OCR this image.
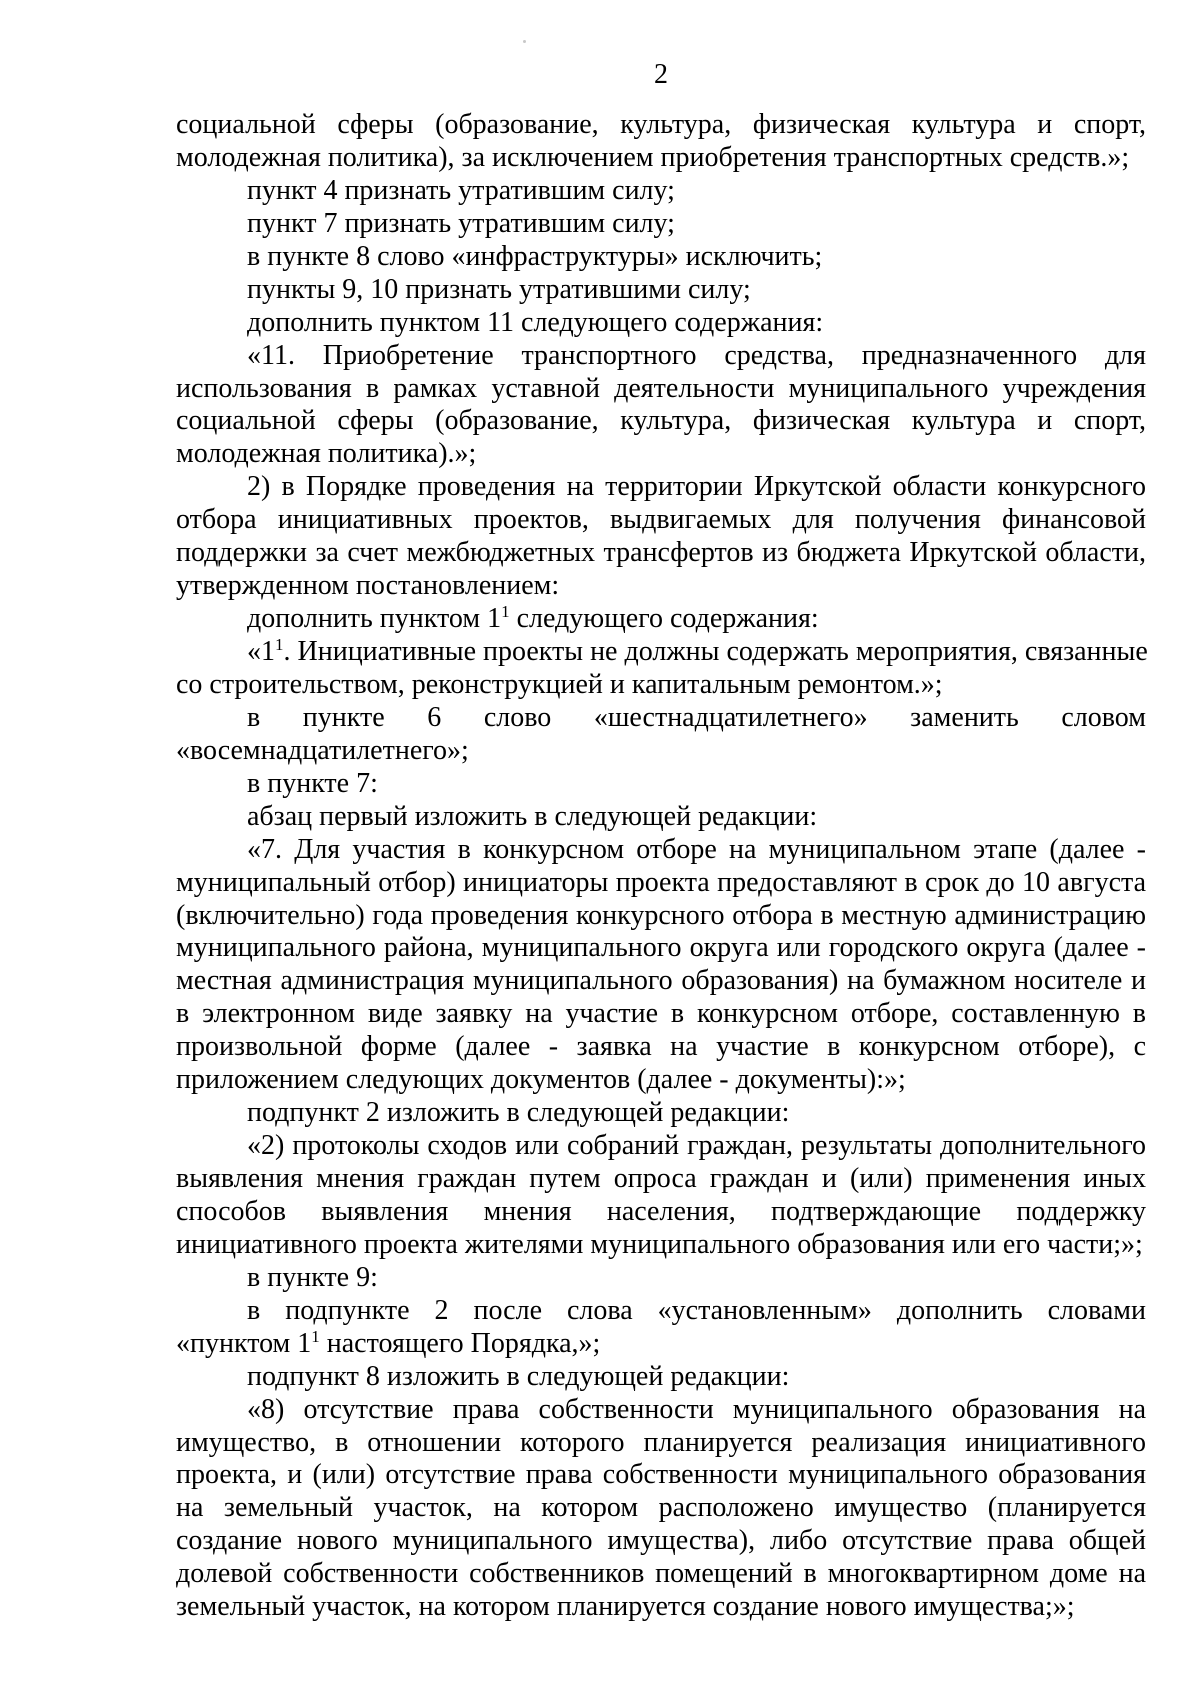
2
социальной сферы (образование, культура, физическая культура и спорт,
молодежная политика), за исключением приобретения транспортных средств.»;
пункт 4 признать утратившим силу;
пункт 7 признать утратившим силу;
в пункте 8 слово «инфраструктуры» исключить;
пункты 9, 10 признать утратившими силу;
дополнить пунктом 11 следующего содержания:
«11. Приобретение транспортного средства, предназначенного для
использования в рамках уставной деятельности муниципального учреждения
социальной сферы (образование, культура, физическая культура и спорт,
молодежная политика).»;
2) в Порядке проведения на территории Иркутской области конкурсного
отбора инициативных проектов, выдвигаемых для получения финансовой
поддержки за счет межбюджетных трансфертов из бюджета Иркутской области,
утвержденном постановлением:
дополнить пунктом $1^1$ следующего содержания:
«$1^1$. Инициативные проекты не должны содержать мероприятия, связанные
со строительством, реконструкцией и капитальным ремонтом.»;
в пункте 6 слово «шестнадцатилетнего» заменить словом
«восемнадцатилетнего»;
в пункте 7:
абзац первый изложить в следующей редакции:
«7. Для участия в конкурсном отборе на муниципальном этапе (далее -
муниципальный отбор) инициаторы проекта предоставляют в срок до 10 августа
(включительно) года проведения конкурсного отбора в местную администрацию
муниципального района, муниципального округа или городского округа (далее -
местная администрация муниципального образования) на бумажном носителе и
в электронном виде заявку на участие в конкурсном отборе, составленную в
произвольной форме (далее - заявка на участие в конкурсном отборе), с
приложением следующих документов (далее - документы):»;
подпункт 2 изложить в следующей редакции:
«2) протоколы сходов или собраний граждан, результаты дополнительного
выявления мнения граждан путем опроса граждан и (или) применения иных
способов выявления мнения населения, подтверждающие поддержку
инициативного проекта жителями муниципального образования или его части;»;
в пункте 9:
в подпункте 2 после слова «установленным» дополнить словами
«пунктом $1^1$ настоящего Порядка,»;
подпункт 8 изложить в следующей редакции:
«8) отсутствие права собственности муниципального образования на
имущество, в отношении которого планируется реализация инициативного
проекта, и (или) отсутствие права собственности муниципального образования
на земельный участок, на котором расположено имущество (планируется
создание нового муниципального имущества), либо отсутствие права общей
долевой собственности собственников помещений в многоквартирном доме на
земельный участок, на котором планируется создание нового имущества;»;
